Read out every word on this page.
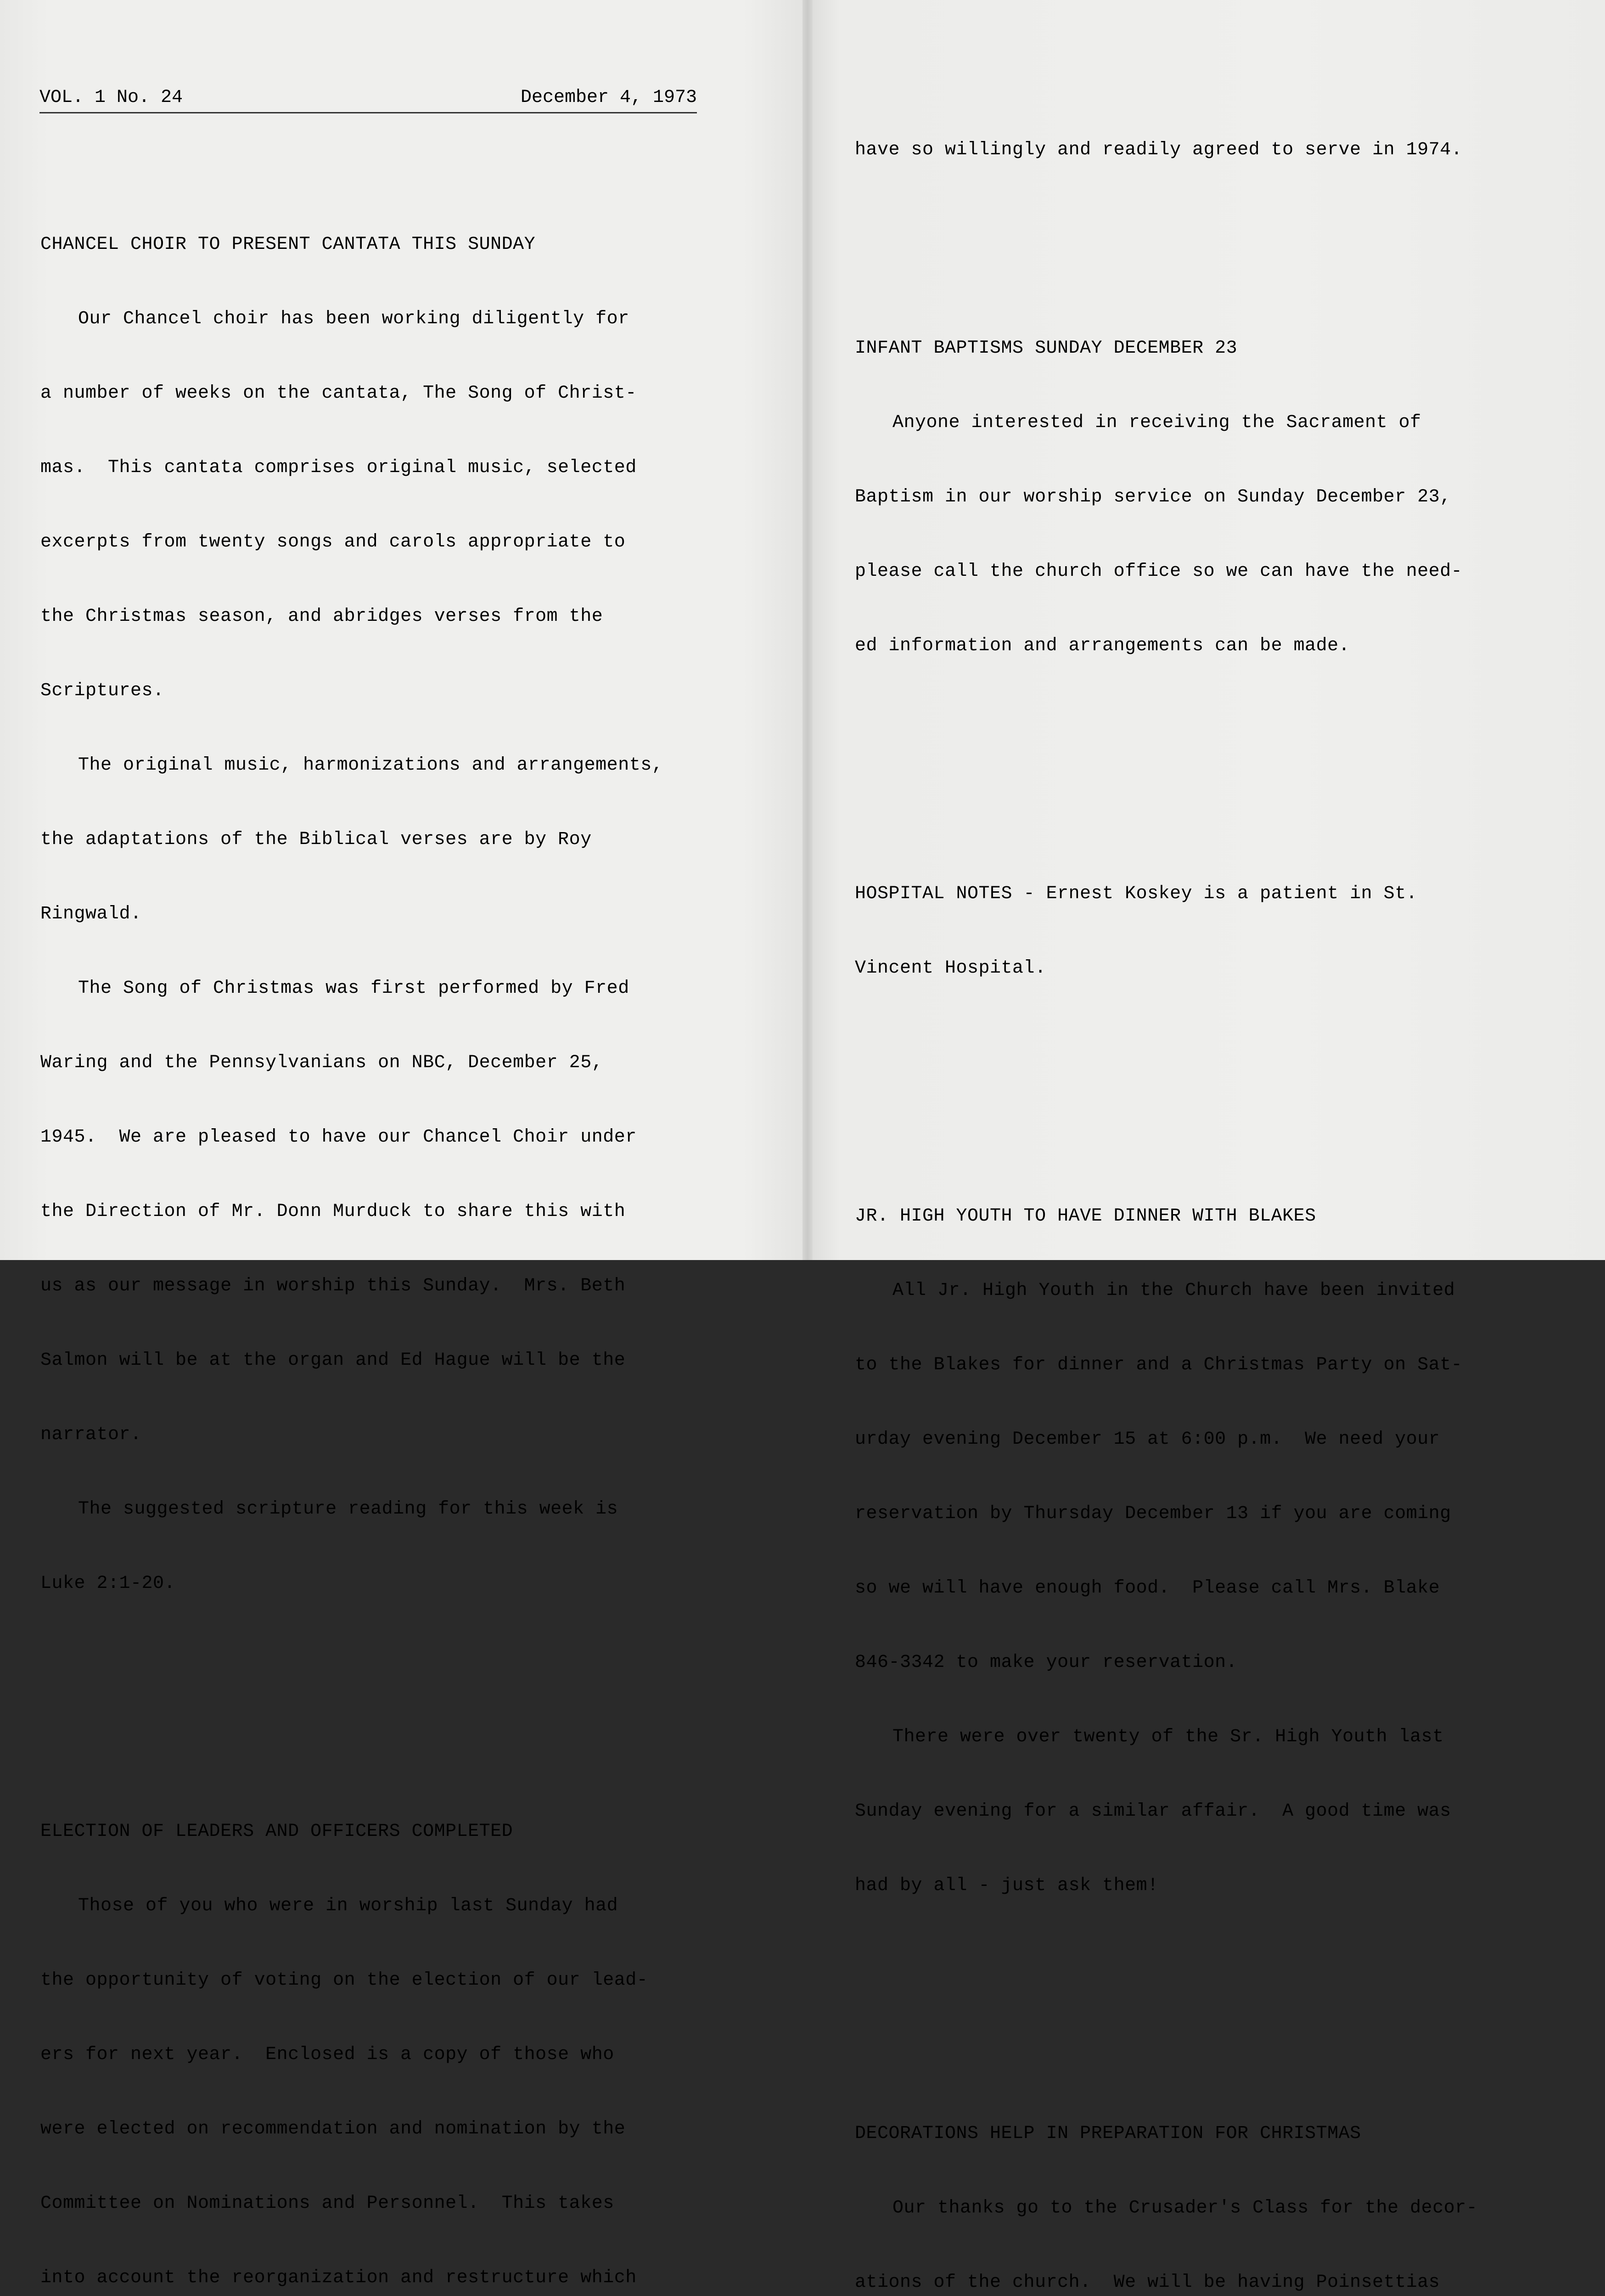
VOL. 1 No. 24	December 4, 1973

CHANCEL CHOIR TO PRESENT CANTATA THIS SUNDAY

Our Chancel choir has been working diligently for

a number of weeks on the cantata, The Song of Christ-

mas.  This cantata comprises original music, selected

excerpts from twenty songs and carols appropriate to

the Christmas season, and abridges verses from the

Scriptures.

The original music, harmonizations and arrangements,

the adaptations of the Biblical verses are by Roy

Ringwald.

The Song of Christmas was first performed by Fred

Waring and the Pennsylvanians on NBC, December 25,

1945.  We are pleased to have our Chancel Choir under

the Direction of Mr. Donn Murduck to share this with

us as our message in worship this Sunday.  Mrs. Beth

Salmon will be at the organ and Ed Hague will be the

narrator.

The suggested scripture reading for this week is

Luke 2:1-20.

ELECTION OF LEADERS AND OFFICERS COMPLETED

Those of you who were in worship last Sunday had

the opportunity of voting on the election of our lead-

ers for next year.  Enclosed is a copy of those who

were elected on recommendation and nomination by the

Committee on Nominations and Personnel.  This takes

into account the reorganization and restructure which

have so willingly and readily agreed to serve in 1974.

INFANT BAPTISMS SUNDAY DECEMBER 23

Anyone interested in receiving the Sacrament of

Baptism in our worship service on Sunday December 23,

please call the church office so we can have the need-

ed information and arrangements can be made.

HOSPITAL NOTES - Ernest Koskey is a patient in St.

Vincent Hospital.

JR. HIGH YOUTH TO HAVE DINNER WITH BLAKES

All Jr. High Youth in the Church have been invited

to the Blakes for dinner and a Christmas Party on Sat-

urday evening December 15 at 6:00 p.m.  We need your

reservation by Thursday December 13 if you are coming

so we will have enough food.  Please call Mrs. Blake

846-3342 to make your reservation.

There were over twenty of the Sr. High Youth last

Sunday evening for a similar affair.  A good time was

had by all - just ask them!

DECORATIONS HELP IN PREPARATION FOR CHRISTMAS

Our thanks go to the Crusader's Class for the decor-

ations of the church.  We will be having Poinsettias
